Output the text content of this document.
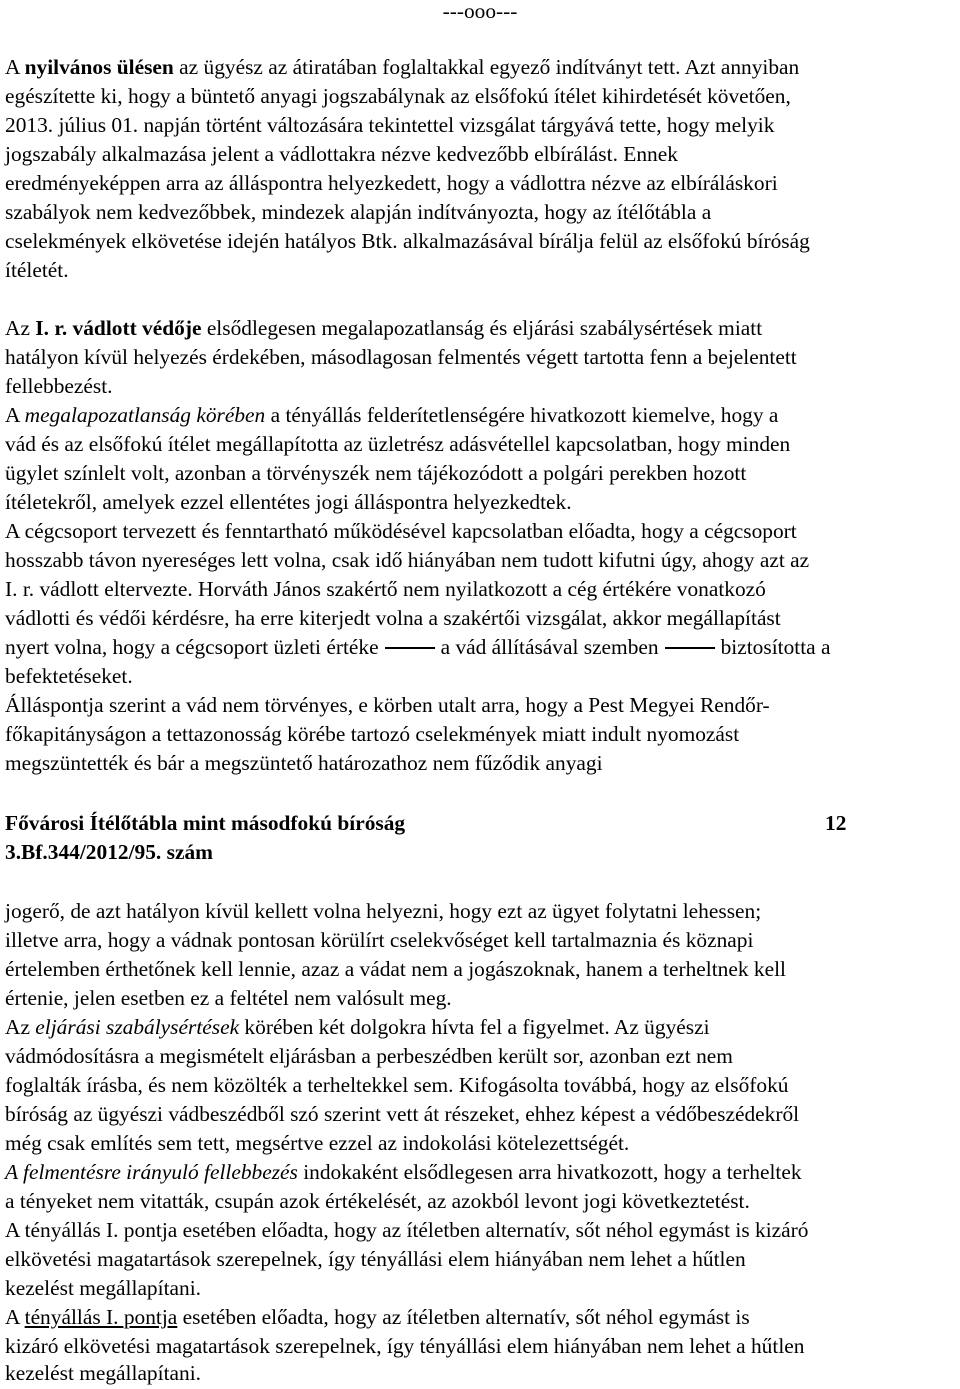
---ooo---
A nyilvános ülésen az ügyész az átiratában foglaltakkal egyező indítványt tett. Azt annyiban
egészítette ki, hogy a büntető anyagi jogszabálynak az elsőfokú ítélet kihirdetését követően,
2013. július 01. napján történt változására tekintettel vizsgálat tárgyává tette, hogy melyik
jogszabály alkalmazása jelent a vádlottakra nézve kedvezőbb elbírálást. Ennek
eredményeképpen arra az álláspontra helyezkedett, hogy a vádlottra nézve az elbíráláskori
szabályok nem kedvezőbbek, mindezek alapján indítványozta, hogy az ítélőtábla a
cselekmények elkövetése idején hatályos Btk. alkalmazásával bírálja felül az elsőfokú bíróság
ítéletét.
Az I. r. vádlott védője elsődlegesen megalapozatlanság és eljárási szabálysértések miatt
hatályon kívül helyezés érdekében, másodlagosan felmentés végett tartotta fenn a bejelentett
fellebbezést.
A megalapozatlanság körében a tényállás felderítetlenségére hivatkozott kiemelve, hogy a
vád és az elsőfokú ítélet megállapította az üzletrész adásvétellel kapcsolatban, hogy minden
ügylet színlelt volt, azonban a törvényszék nem tájékozódott a polgári perekben hozott
ítéletekről, amelyek ezzel ellentétes jogi álláspontra helyezkedtek.
A cégcsoport tervezett és fenntartható működésével kapcsolatban előadta, hogy a cégcsoport
hosszabb távon nyereséges lett volna, csak idő hiányában nem tudott kifutni úgy, ahogy azt az
I. r. vádlott eltervezte. Horváth János szakértő nem nyilatkozott a cég értékére vonatkozó
vádlotti és védői kérdésre, ha erre kiterjedt volna a szakértői vizsgálat, akkor megállapítást
nyert volna, hogy a cégcsoport üzleti értéke	a vád állításával szemben	biztosította a
befektetéseket.
Álláspontja szerint a vád nem törvényes, e körben utalt arra, hogy a Pest Megyei Rendőr-
főkapitányságon a tettazonosság körébe tartozó cselekmények miatt indult nyomozást
megszüntették és bár a megszüntető határozathoz nem fűződik anyagi
Fővárosi Ítélőtábla mint másodfokú bíróság	12
3.Bf.344/2012/95. szám
jogerő, de azt hatályon kívül kellett volna helyezni, hogy ezt az ügyet folytatni lehessen;
illetve arra, hogy a vádnak pontosan körülírt cselekvőséget kell tartalmaznia és köznapi
értelemben érthetőnek kell lennie, azaz a vádat nem a jogászoknak, hanem a terheltnek kell
értenie, jelen esetben ez a feltétel nem valósult meg.
Az eljárási szabálysértések körében két dolgokra hívta fel a figyelmet. Az ügyészi
vádmódosításra a megismételt eljárásban a perbeszédben került sor, azonban ezt nem
foglalták írásba, és nem közölték a terheltekkel sem. Kifogásolta továbbá, hogy az elsőfokú
bíróság az ügyészi vádbeszédből szó szerint vett át részeket, ehhez képest a védőbeszédekről
még csak említés sem tett, megsértve ezzel az indokolási kötelezettségét.
A felmentésre irányuló fellebbezés indokaként elsődlegesen arra hivatkozott, hogy a terheltek
a tényeket nem vitatták, csupán azok értékelését, az azokból levont jogi következtetést.
A tényállás I. pontja esetében előadta, hogy az ítéletben alternatív, sőt néhol egymást is kizáró
elkövetési magatartások szerepelnek, így tényállási elem hiányában nem lehet a hűtlen
kezelést megállapítani.
A tényállás I. pontja esetében előadta, hogy az ítéletben alternatív, sőt néhol egymást is
kizáró elkövetési magatartások szerepelnek, így tényállási elem hiányában nem lehet a hűtlen
kezelést megállapítani.
